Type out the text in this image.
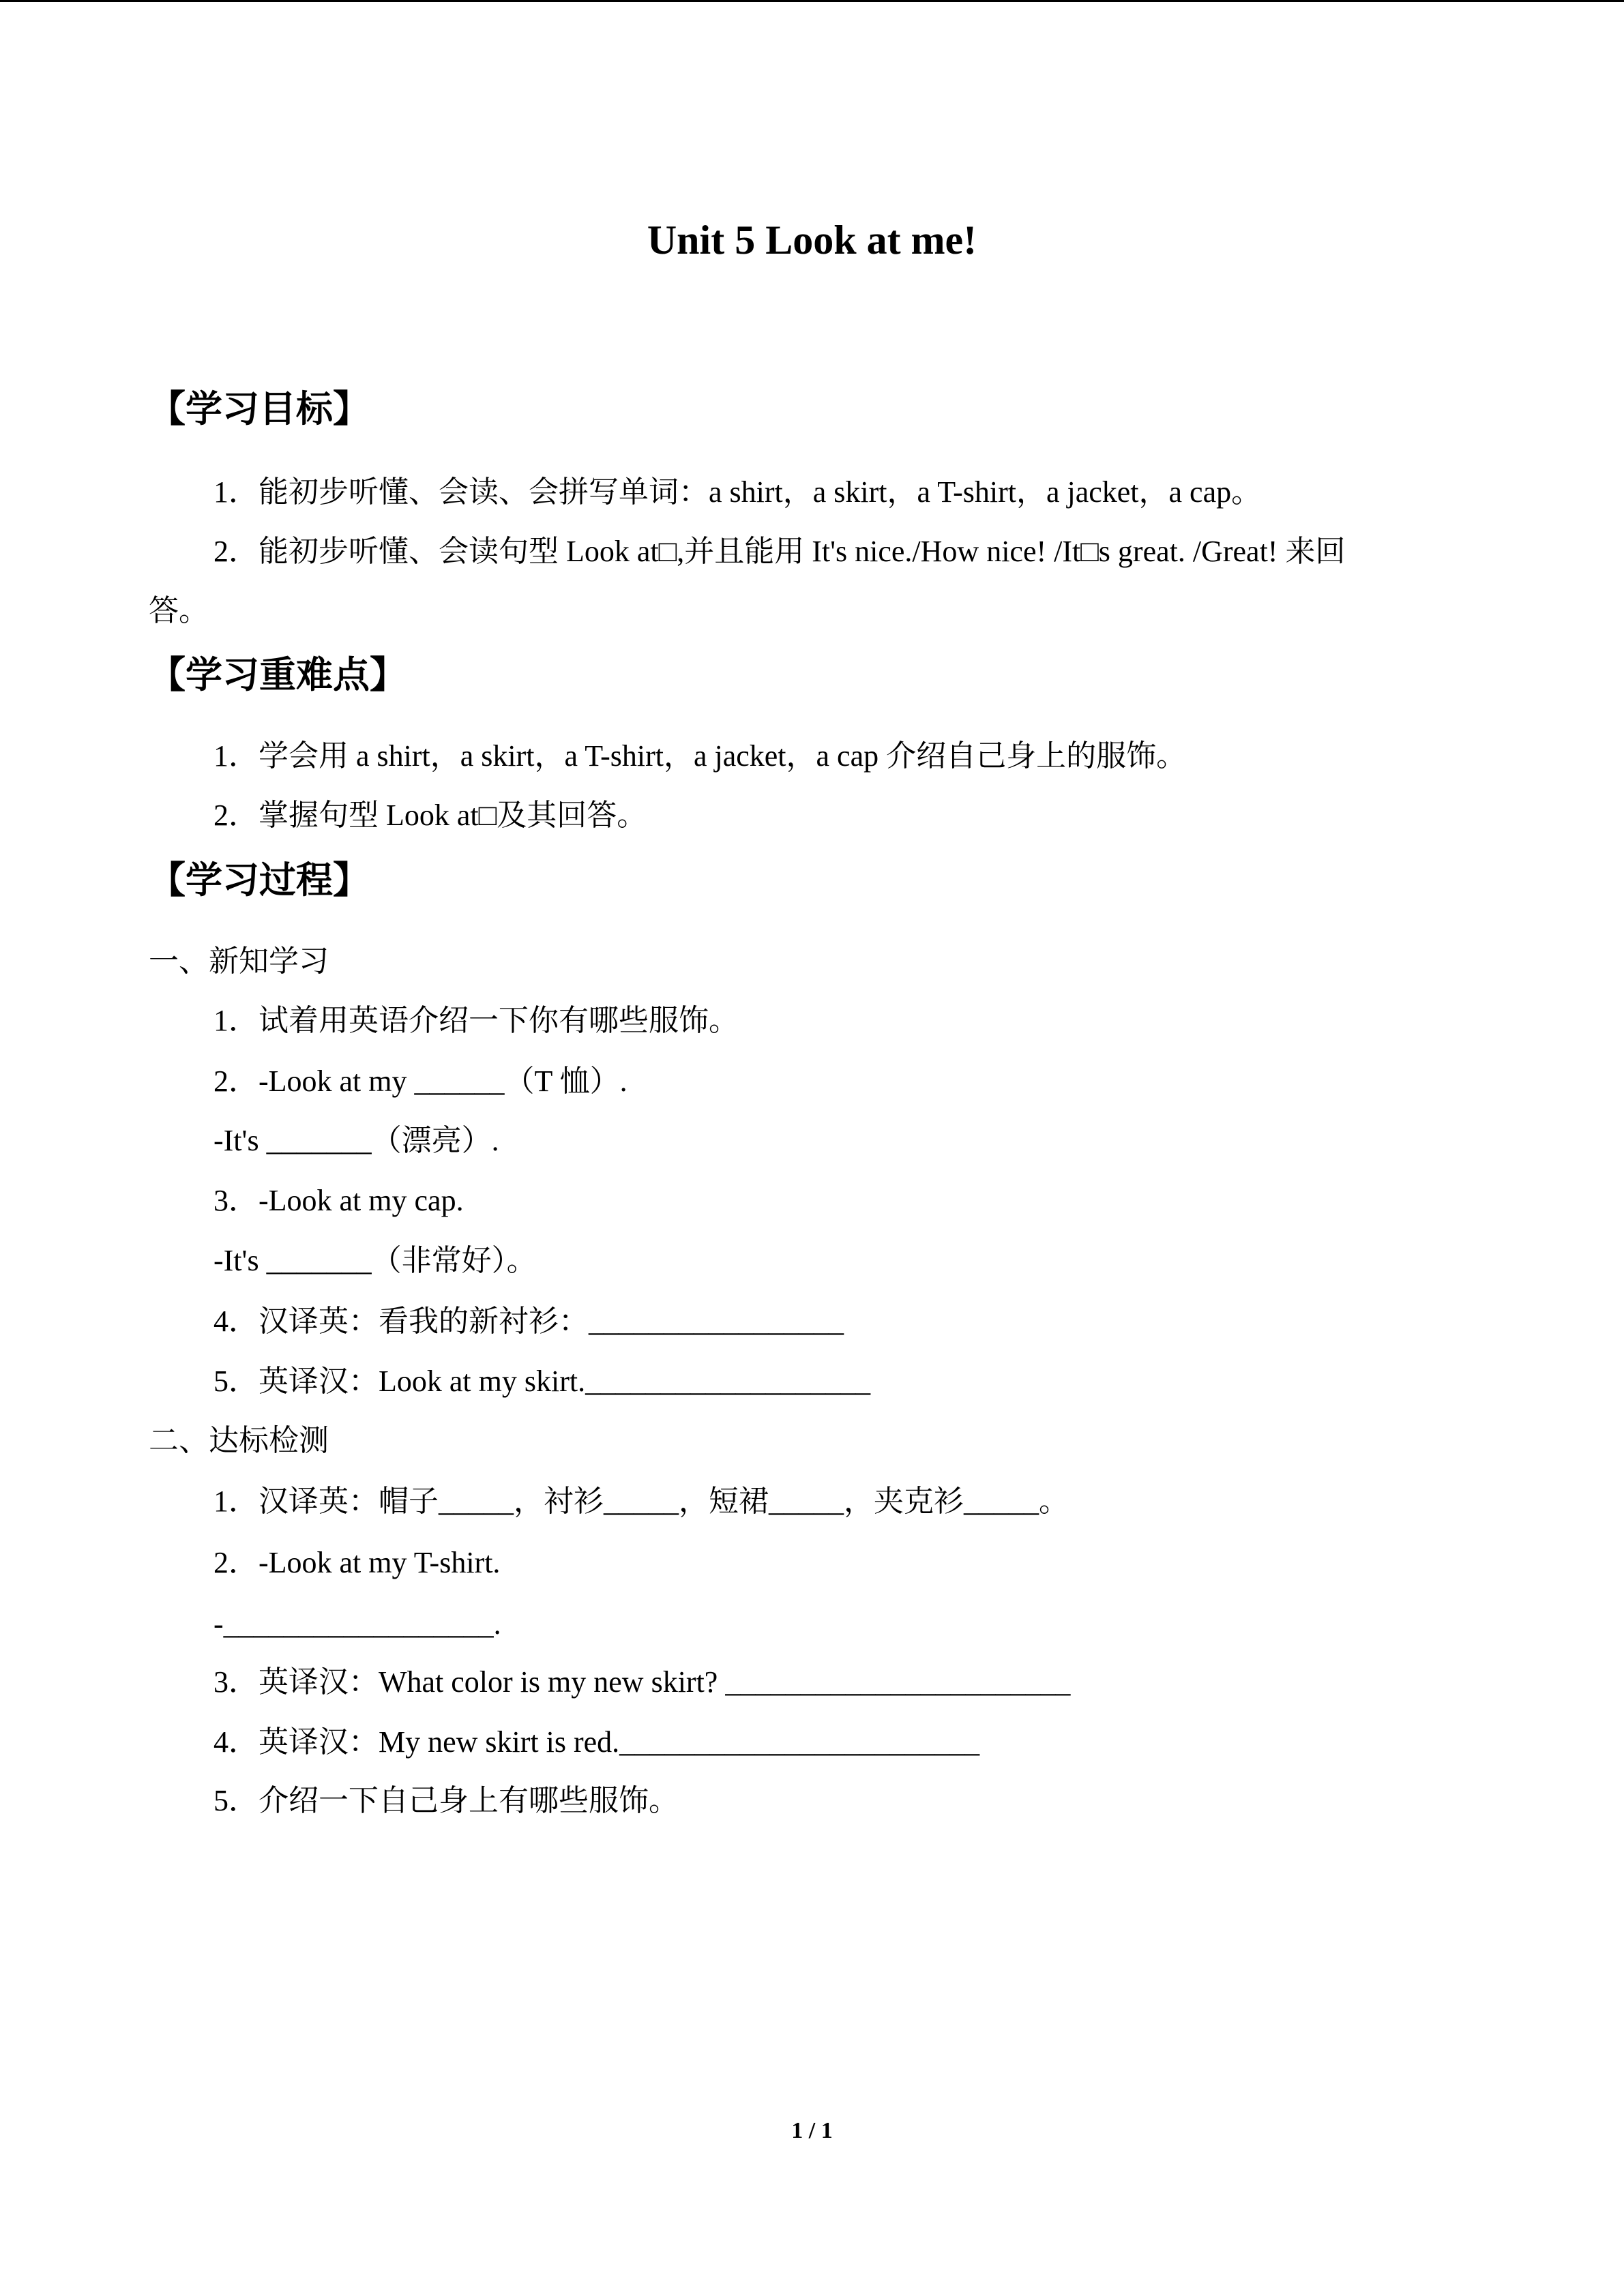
Unit 5 Look at me!
【学习目标】
1．能初步听懂、会读、会拼写单词：a shirt，a skirt，a T-shirt，a jacket，a cap。
2．能初步听懂、会读句型 Look at□,并且能用 It's nice./How nice! /It□s great. /Great! 来回
答。
【学习重难点】
1．学会用 a shirt，a skirt，a T-shirt，a jacket，a cap 介绍自己身上的服饰。
2．掌握句型 Look at□及其回答。
【学习过程】
一、新知学习
1．试着用英语介绍一下你有哪些服饰。
2．-Look at my ______（T 恤）.
-It's _______（漂亮）.
3．-Look at my cap.
-It's _______（非常好）。
4．汉译英：看我的新衬衫：_________________
5．英译汉：Look at my skirt.___________________
二、达标检测
1．汉译英：帽子_____，衬衫_____，短裙_____，夹克衫_____。
2．-Look at my T-shirt.
-__________________.
3．英译汉：What color is my new skirt? _______________________
4．英译汉：My new skirt is red.________________________
5．介绍一下自己身上有哪些服饰。
1 / 1
